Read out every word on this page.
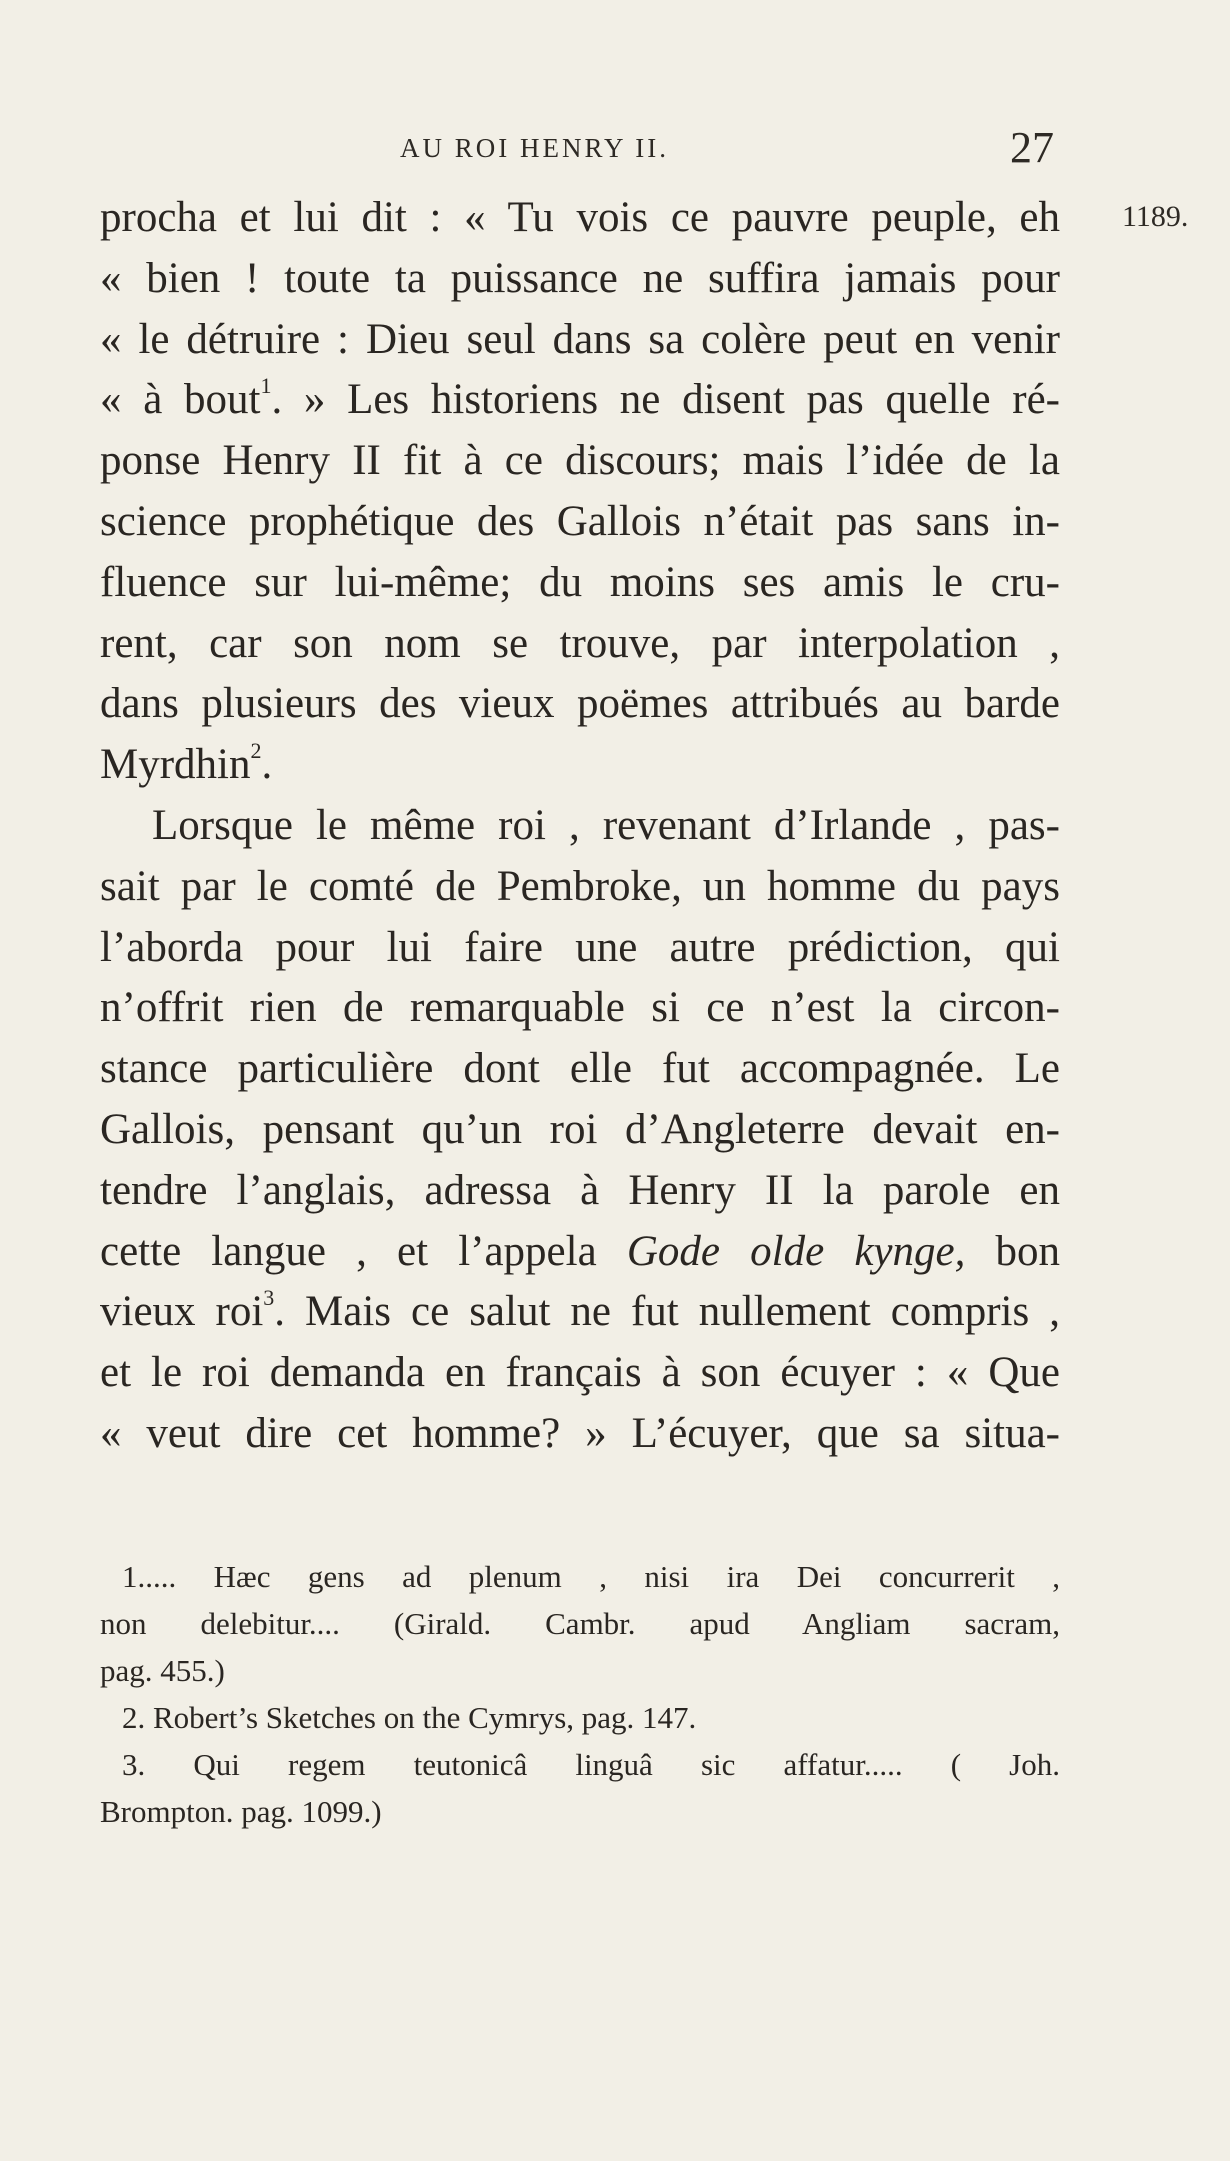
AU ROI HENRY II.	27
1189.
procha et lui dit : « Tu vois ce pauvre peuple, eh
« bien ! toute ta puissance ne suffira jamais pour
« le détruire : Dieu seul dans sa colère peut en venir
« à bout$^1$. » Les historiens ne disent pas quelle ré-
ponse Henry II fit à ce discours; mais l’idée de la
science prophétique des Gallois n’était pas sans in-
fluence sur lui-même; du moins ses amis le cru-
rent, car son nom se trouve, par interpolation ,
dans plusieurs des vieux poëmes attribués au barde
Myrdhin$^2$.
Lorsque le même roi , revenant d’Irlande , pas-
sait par le comté de Pembroke, un homme du pays
l’aborda pour lui faire une autre prédiction, qui
n’offrit rien de remarquable si ce n’est la circon-
stance particulière dont elle fut accompagnée. Le
Gallois, pensant qu’un roi d’Angleterre devait en-
tendre l’anglais, adressa à Henry II la parole en
cette langue , et l’appela Gode olde kynge, bon
vieux roi$^3$. Mais ce salut ne fut nullement compris ,
et le roi demanda en français à son écuyer : « Que
« veut dire cet homme? » L’écuyer, que sa situa-
1..... Hæc gens ad plenum , nisi ira Dei concurrerit ,
non delebitur.... (Girald. Cambr. apud Angliam sacram,
pag. 455.)
2. Robert’s Sketches on the Cymrys, pag. 147.
3. Qui regem teutonicâ linguâ sic affatur..... ( Joh.
Brompton. pag. 1099.)
